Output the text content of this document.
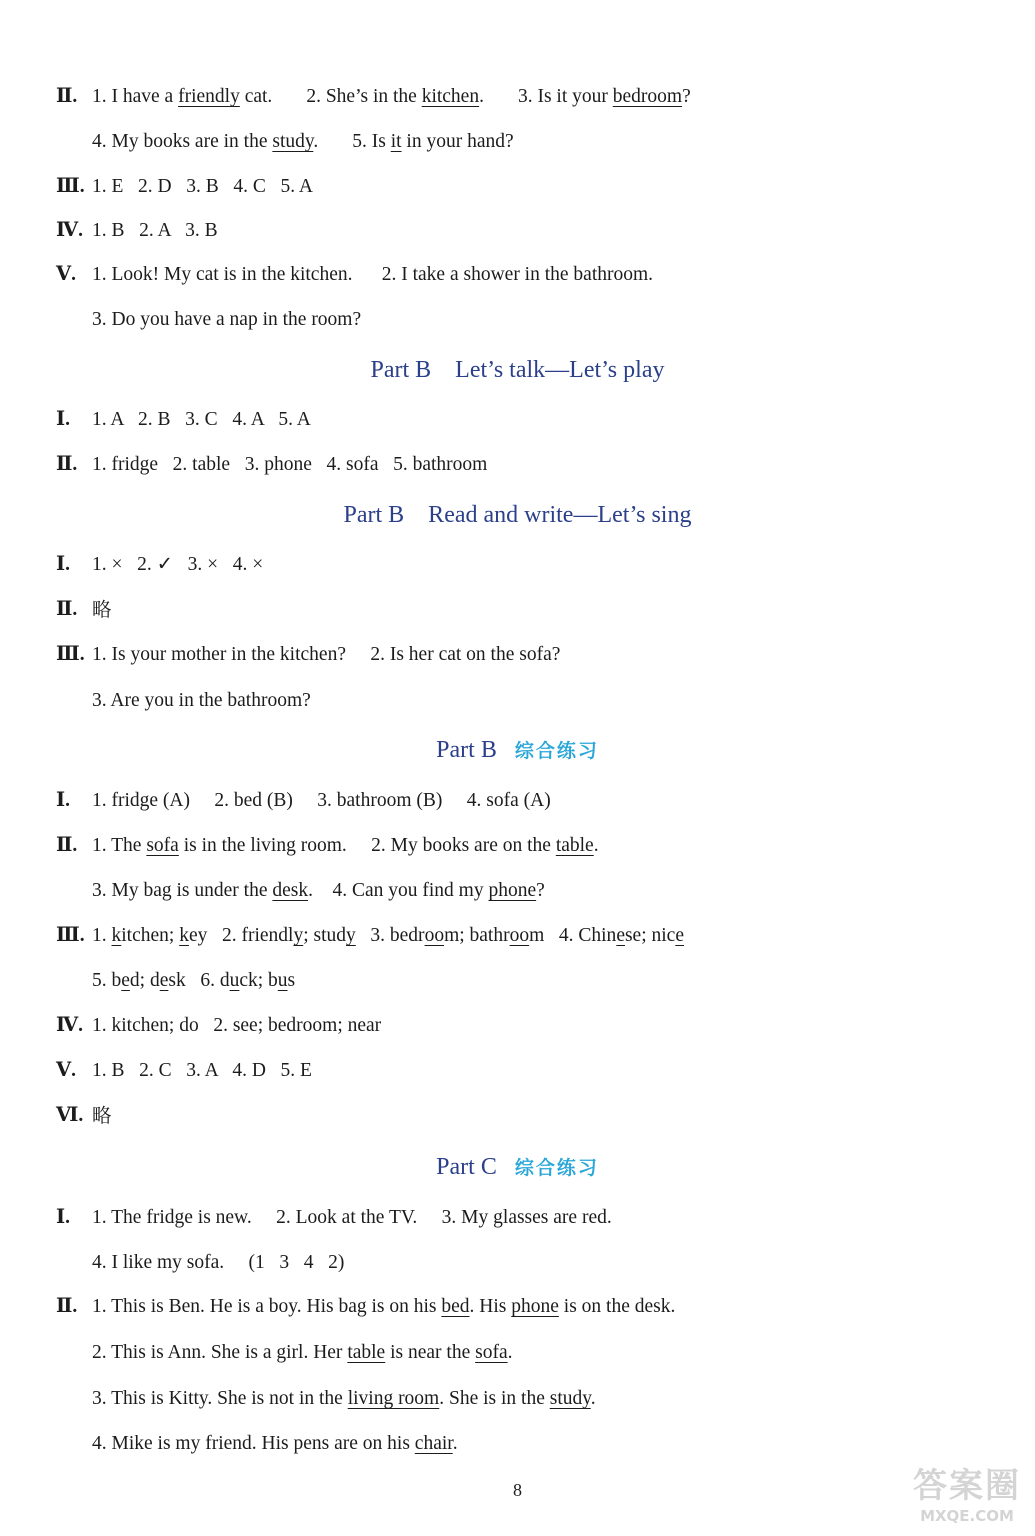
Ⅱ. 1. I have a friendly cat. 2. She’s in the kitchen. 3. Is it your bedroom?
4. My books are in the study. 5. Is it in your hand?
Ⅲ. 1. E   2. D   3. B   4. C   5. A
Ⅳ. 1. B   2. A   3. B
Ⅴ. 1. Look! My cat is in the kitchen.      2. I take a shower in the bathroom.
3. Do you have a nap in the room?
Part B    Let’s talk—Let’s play
Ⅰ. 1. A   2. B   3. C   4. A   5. A
Ⅱ. 1. fridge   2. table   3. phone   4. sofa   5. bathroom
Part B    Read and write—Let’s sing
Ⅰ. 1. ×   2. ✓   3. ×   4. ×
Ⅱ. 略
Ⅲ. 1. Is your mother in the kitchen?     2. Is her cat on the sofa?
3. Are you in the bathroom?
Part B 综合练习
Ⅰ. 1. fridge (A)     2. bed (B)     3. bathroom (B)     4. sofa (A)
Ⅱ. 1. The sofa is in the living room.     2. My books are on the table.
3. My bag is under the desk.    4. Can you find my phone?
Ⅲ. 1. kitchen; key   2. friendly; study   3. bedroom; bathroom   4. Chinese; nice
5. bed; desk   6. duck; bus
Ⅳ. 1. kitchen; do   2. see; bedroom; near
Ⅴ. 1. B   2. C   3. A   4. D   5. E
Ⅵ. 略
Part C 综合练习
Ⅰ. 1. The fridge is new.     2. Look at the TV.     3. My glasses are red.
4. I like my sofa.     (1   3   4   2)
Ⅱ. 1. This is Ben. He is a boy. His bag is on his bed. His phone is on the desk.
2. This is Ann. She is a girl. Her table is near the sofa.
3. This is Kitty. She is not in the living room. She is in the study.
4. Mike is my friend. His pens are on his chair.
8	答案圈
MXQE.COM
